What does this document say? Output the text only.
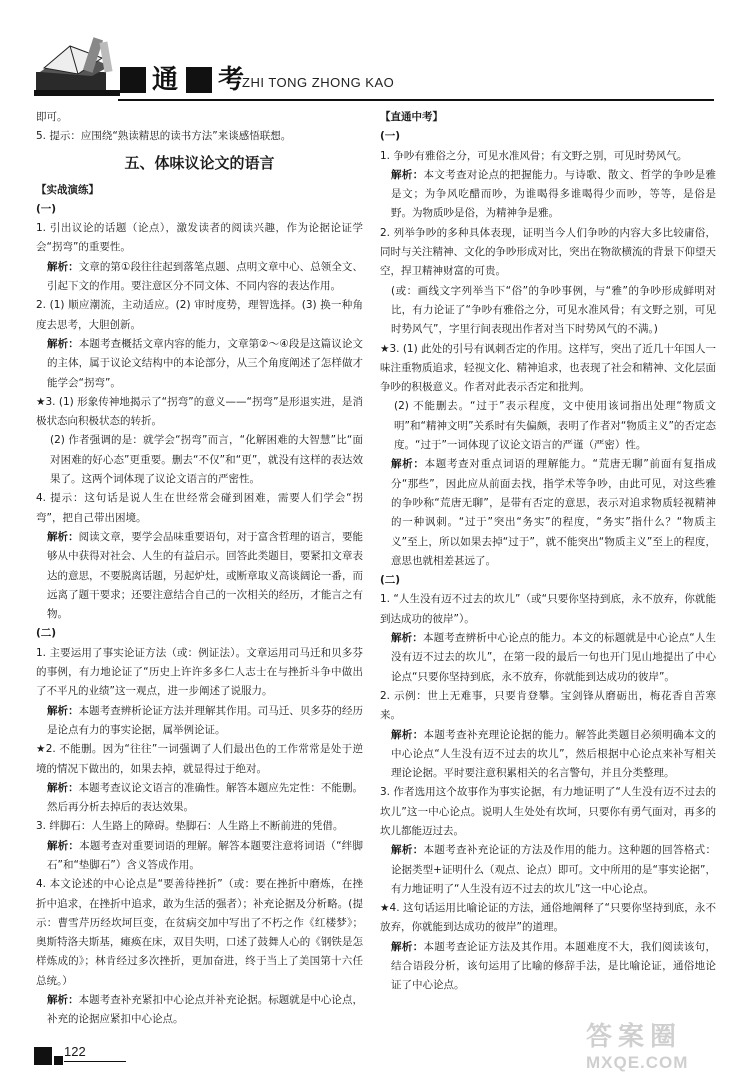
通 考
ZHI TONG ZHONG KAO

即可。

5. 提示：应围绕“熟读精思的读书方法”来谈感悟联想。

五、体味议论文的语言

【实战演练】

(一)

1. 引出议论的话题（论点），激发读者的阅读兴趣，作为论据论证学会“拐弯”的重要性。

解析：文章的第①段往往起到落笔点题、点明文章中心、总领全文、引起下文的作用。要注意区分不同文体、不同内容的表达作用。

2. (1) 顺应潮流，主动适应。(2) 审时度势，理智选择。(3) 换一种角度去思考，大胆创新。

解析：本题考查概括文章内容的能力，文章第②～④段是这篇议论文的主体，属于议论文结构中的本论部分，从三个角度阐述了怎样做才能学会“拐弯”。

★3. (1) 形象传神地揭示了“拐弯”的意义——“拐弯”是形退实进，是消极状态向积极状态的转折。

(2) 作者强调的是：就学会“拐弯”而言，“化解困难的大智慧”比“面对困难的好心态”更重要。删去“不仅”和“更”，就没有这样的表达效果了。这两个词体现了议论文语言的严密性。

4. 提示：这句话是说人生在世经常会碰到困难，需要人们学会“拐弯”，把自己带出困境。

解析：阅读文章，要学会品味重要语句，对于富含哲理的语言，要能够从中获得对社会、人生的有益启示。回答此类题目，要紧扣文章表达的意思，不要脱离话题，另起炉灶，或断章取义高谈阔论一番，而远离了题干要求；还要注意结合自己的一次相关的经历，才能言之有物。

(二)

1. 主要运用了事实论证方法（或：例证法）。文章运用司马迁和贝多芬的事例，有力地论证了“历史上许许多多仁人志士在与挫折斗争中做出了不平凡的业绩”这一观点，进一步阐述了说服力。

解析：本题考查辨析论证方法并理解其作用。司马迁、贝多芬的经历是论点有力的事实论据，属举例论证。

★2. 不能删。因为“往往”一词强调了人们最出色的工作常常是处于逆境的情况下做出的，如果去掉，就显得过于绝对。

解析：本题考查议论文语言的准确性。解答本题应先定性：不能删。然后再分析去掉后的表达效果。

3. 绊脚石：人生路上的障碍。垫脚石：人生路上不断前进的凭借。

解析：本题考查对重要词语的理解。解答本题要注意将词语（“绊脚石”和“垫脚石”）含义答成作用。

4. 本文论述的中心论点是“要善待挫折”（或：要在挫折中磨炼，在挫折中追求，在挫折中追求，敢为生活的强者）；补充论据及分析略。(提示：曹雪芹历经坎坷巨变，在贫病交加中写出了不朽之作《红楼梦》；奥斯特洛夫斯基，瘫痪在床，双目失明，口述了鼓舞人心的《钢铁是怎样炼成的》；林肯经过多次挫折，更加奋进，终于当上了美国第十六任总统。）

解析：本题考查补充紧扣中心论点并补充论据。标题就是中心论点，补充的论据应紧扣中心论点。

【直通中考】

(一)

1. 争吵有雅俗之分，可见水准风骨；有文野之别，可见时势风气。

解析：本文考查对论点的把握能力。与诗歌、散文、哲学的争吵是雅是文；为争风吃醋而吵，为谁喝得多谁喝得少而吵，等等，是俗是野。为物质吵是俗，为精神争是雅。

2. 列举争吵的多种具体表现，证明当今人们争吵的内容大多比较庸俗，同时与关注精神、文化的争吵形成对比，突出在物欲横流的背景下仰望天空，捍卫精神财富的可贵。

(或：画线文字列举当下“俗”的争吵事例，与“雅”的争吵形成鲜明对比，有力论证了“争吵有雅俗之分，可见水准风骨；有文野之别，可见时势风气”，字里行间表现出作者对当下时势风气的不满。)

★3. (1) 此处的引号有讽刺否定的作用。这样写，突出了近几十年国人一味注重物质追求，轻视文化、精神追求，也表现了社会和精神、文化层面争吵的积极意义。作者对此表示否定和批判。

(2) 不能删去。“过于”表示程度，文中使用该词指出处理“物质文明”和“精神文明”关系时有失偏颇，表明了作者对“物质主义”的否定态度。“过于”一词体现了议论文语言的严谨（严密）性。

解析：本题考查对重点词语的理解能力。“荒唐无聊”前面有复指成分“那些”，因此应从前面去找，指学术等争吵，由此可见，对这些雅的争吵称“荒唐无聊”，是带有否定的意思，表示对追求物质轻视精神的一种讽刺。“过于”突出“务实”的程度，“务实”指什么？“物质主义”至上，所以如果去掉“过于”，就不能突出“物质主义”至上的程度，意思也就相差甚远了。

(二)

1. “人生没有迈不过去的坎儿”（或“只要你坚持到底，永不放弃，你就能到达成功的彼岸”）。

解析：本题考查辨析中心论点的能力。本文的标题就是中心论点“人生没有迈不过去的坎儿”，在第一段的最后一句也开门见山地提出了中心论点“只要你坚持到底，永不放弃，你就能到达成功的彼岸”。

2. 示例：世上无难事，只要肯登攀。宝剑锋从磨砺出，梅花香自苦寒来。

解析：本题考查补充理论论据的能力。解答此类题目必须明确本文的中心论点“人生没有迈不过去的坎儿”，然后根据中心论点来补写相关理论论据。平时要注意积累相关的名言警句，并且分类整理。

3. 作者选用这个故事作为事实论据，有力地证明了“人生没有迈不过去的坎儿”这一中心论点。说明人生处处有坎坷，只要你有勇气面对，再多的坎儿都能迈过去。

解析：本题考查补充论证的方法及作用的能力。这种题的回答格式：论据类型+证明什么（观点、论点）即可。文中所用的是“事实论据”，有力地证明了“人生没有迈不过去的坎儿”这一中心论点。

★4. 这句话运用比喻论证的方法，通俗地阐释了“只要你坚持到底，永不放弃，你就能到达成功的彼岸”的道理。

解析：本题考查论证方法及其作用。本题难度不大，我们阅读该句，结合语段分析，该句运用了比喻的修辞手法，是比喻论证，通俗地论证了中心论点。

122	答案圈
MXQE.COM
